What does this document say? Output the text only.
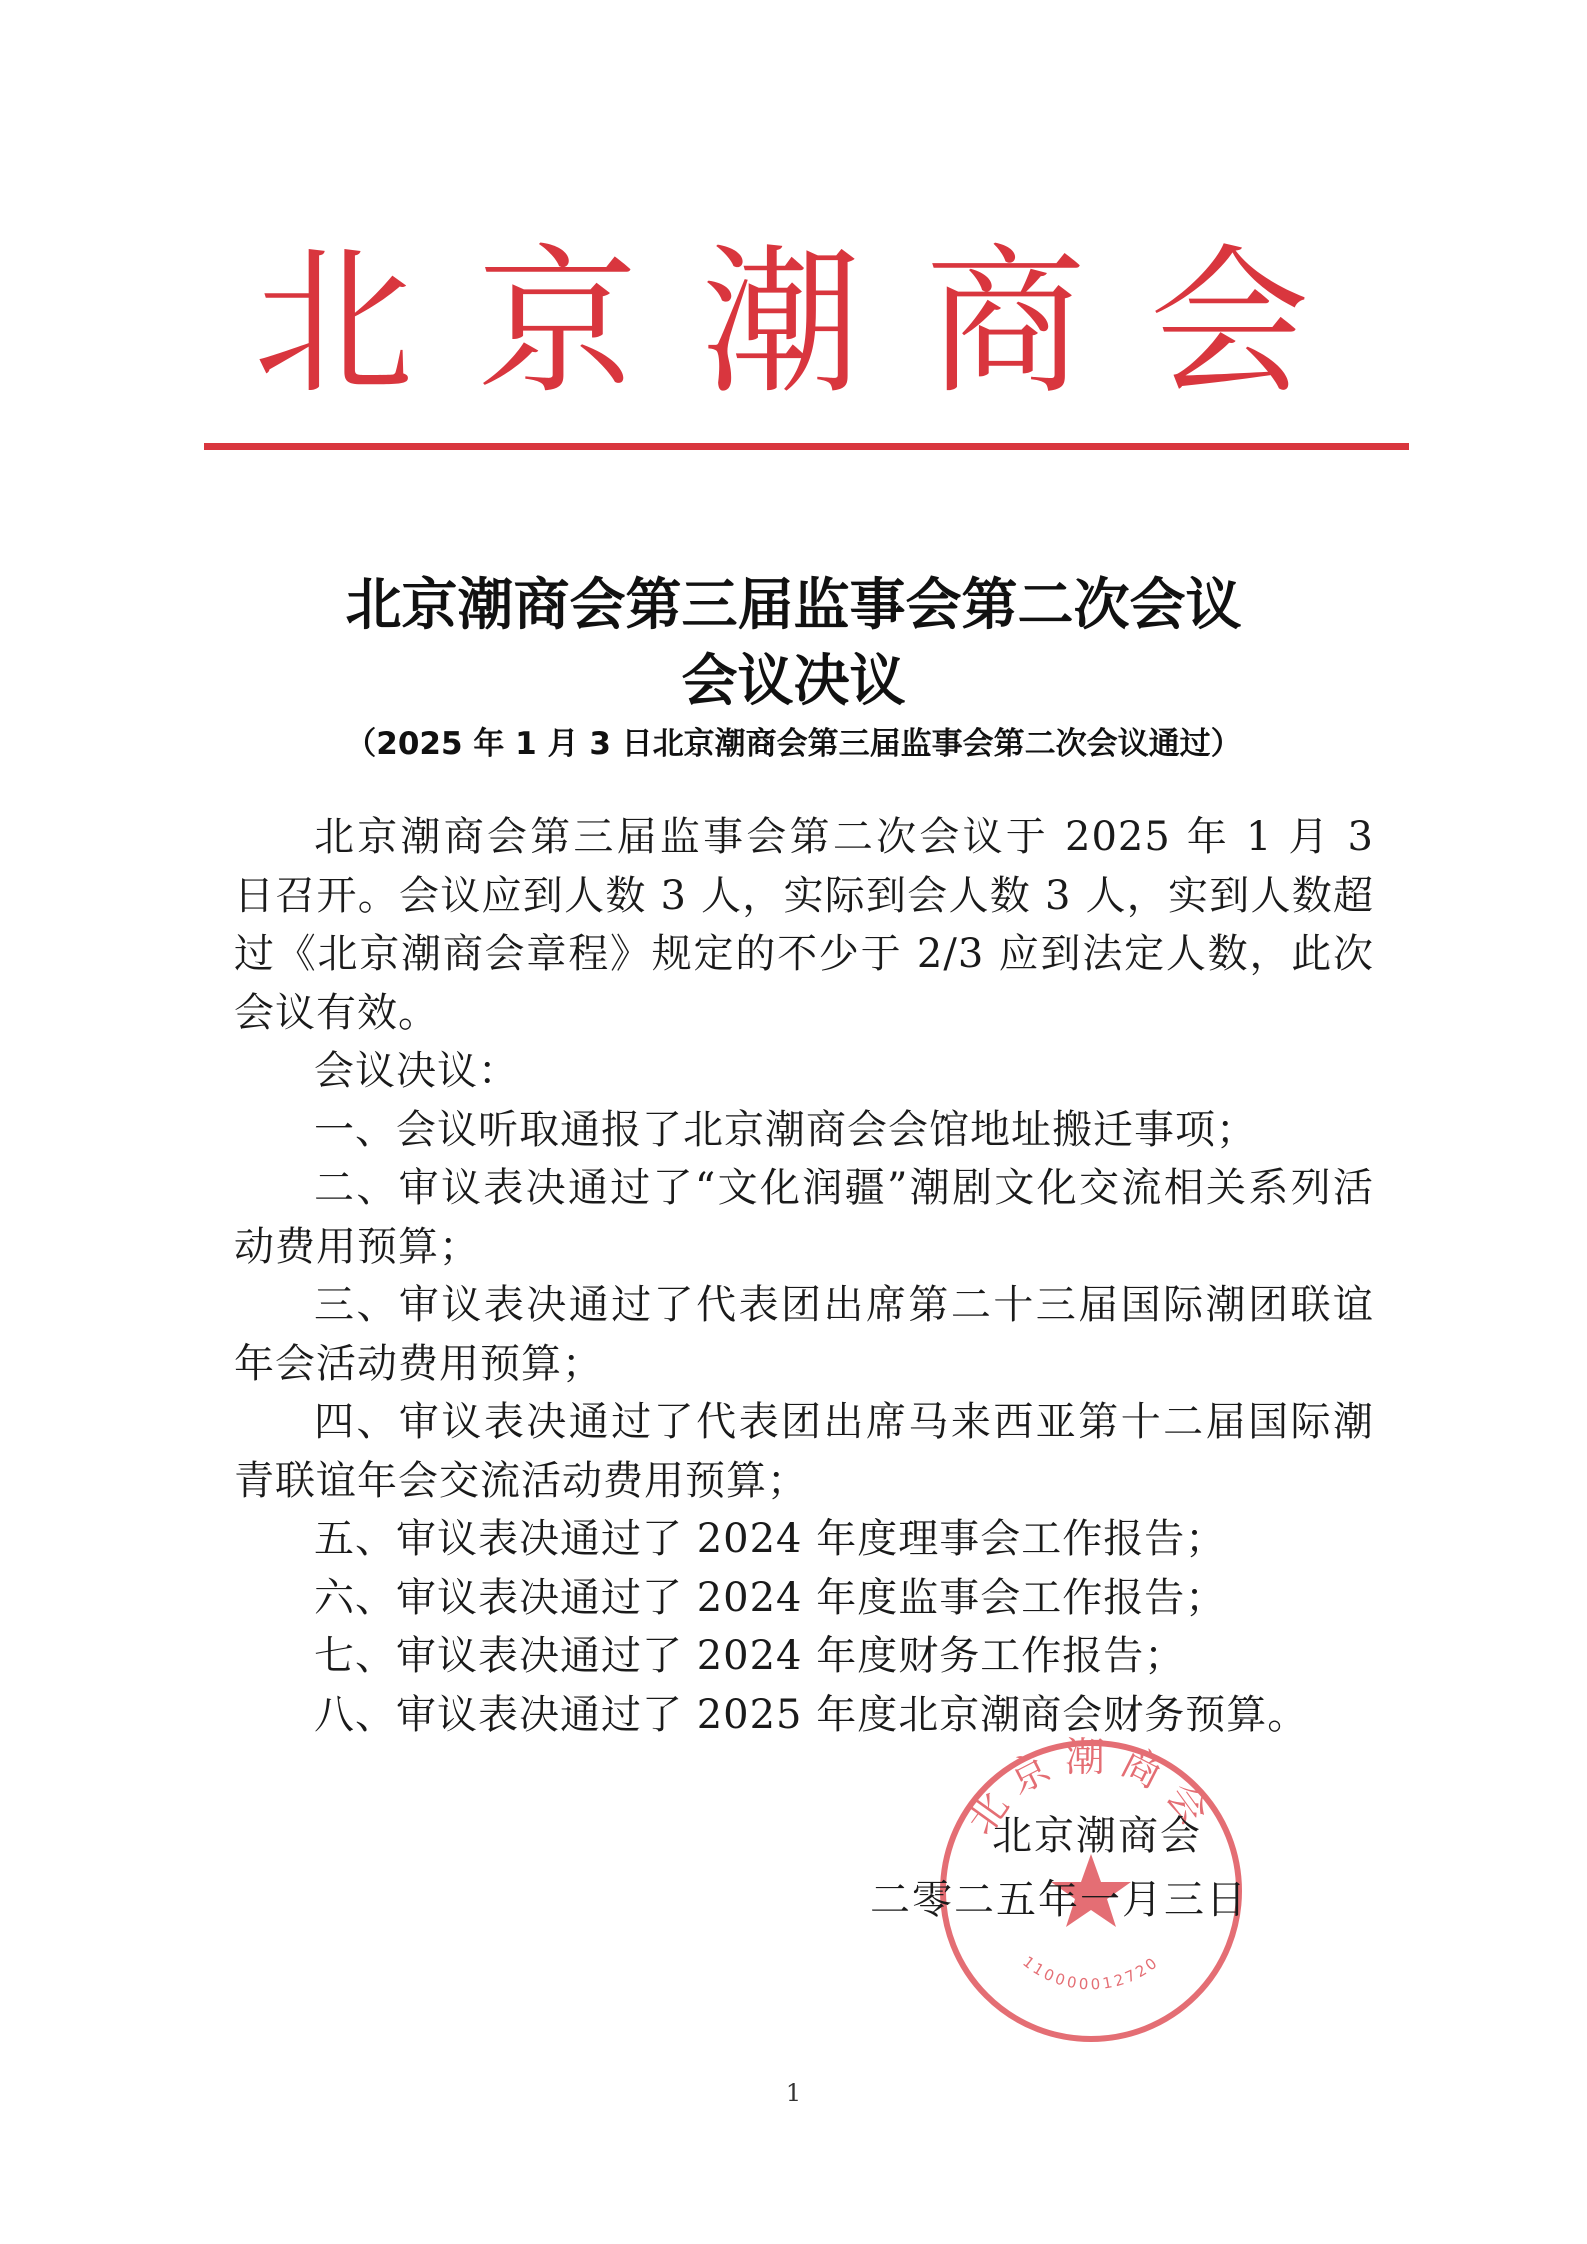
北京潮商会
北京潮商会第三届监事会第二次会议
会议决议
（2025 年 1 月 3 日北京潮商会第三届监事会第二次会议通过）

北京潮商会第三届监事会第二次会议于 2025 年 1 月 3 日召开。会议应到人数 3 人，实际到会人数 3 人，实到人数超过《北京潮商会章程》规定的不少于 2/3 应到法定人数，此次会议有效。

会议决议：

一、会议听取通报了北京潮商会会馆地址搬迁事项；
二、审议表决通过了“文化润疆”潮剧文化交流相关系列活动费用预算；
三、审议表决通过了代表团出席第二十三届国际潮团联谊年会活动费用预算；
四、审议表决通过了代表团出席马来西亚第十二届国际潮青联谊年会交流活动费用预算；
五、审议表决通过了 2024 年度理事会工作报告；
六、审议表决通过了 2024 年度监事会工作报告；
七、审议表决通过了 2024 年度财务工作报告；
八、审议表决通过了 2025 年度北京潮商会财务预算。
北京潮商会
110000012720
北京潮商会
二零二五年一月三日
1
